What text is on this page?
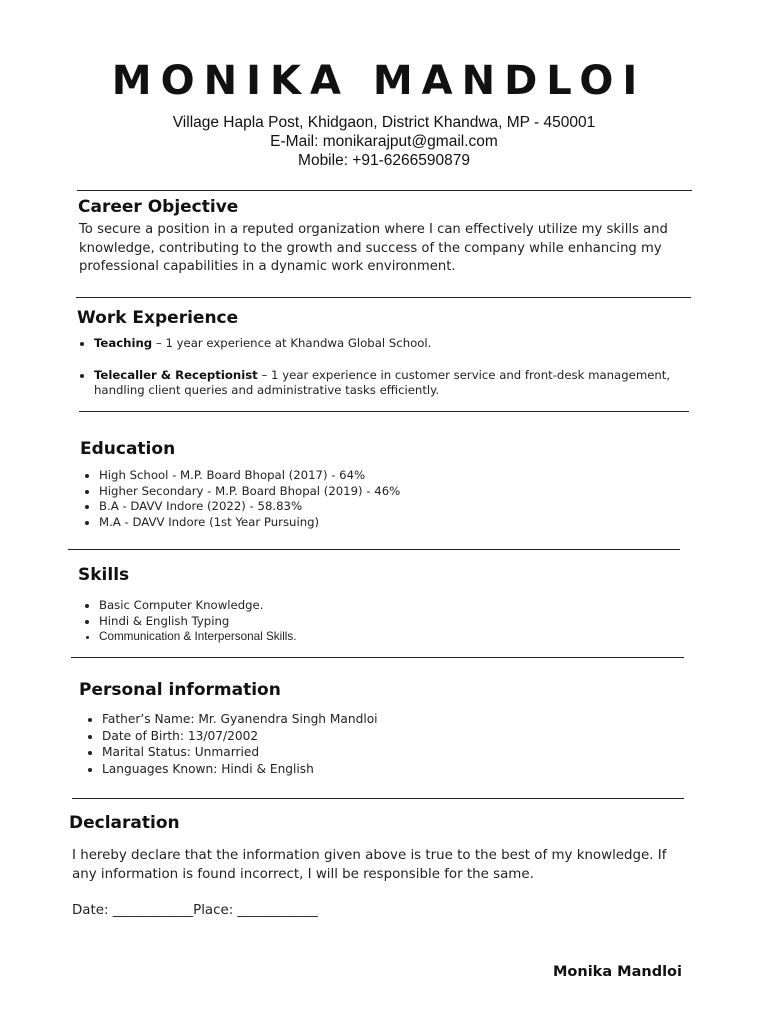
MONIKA MANDLOI
Village Hapla Post, Khidgaon, District Khandwa, MP - 450001
E-Mail: monikarajput@gmail.com
Mobile: +91-6266590879
Career Objective
To secure a position in a reputed organization where I can effectively utilize my skills and
knowledge, contributing to the growth and success of the company while enhancing my
professional capabilities in a dynamic work environment.
Work Experience
• Teaching – 1 year experience at Khandwa Global School.
• Telecaller & Receptionist – 1 year experience in customer service and front-desk management,
handling client queries and administrative tasks efficiently.
Education
• High School - M.P. Board Bhopal (2017) - 64%
• Higher Secondary - M.P. Board Bhopal (2019) - 46%
• B.A - DAVV Indore (2022) - 58.83%
• M.A - DAVV Indore (1st Year Pursuing)
Skills
• Basic Computer Knowledge.
• Hindi & English Typing
• Communication & Interpersonal Skills.
Personal information
• Father’s Name: Mr. Gyanendra Singh Mandloi
• Date of Birth: 13/07/2002
• Marital Status: Unmarried
• Languages Known: Hindi & English
Declaration
I hereby declare that the information given above is true to the best of my knowledge. If
any information is found incorrect, I will be responsible for the same.
Date: ____________Place: ____________
Monika Mandloi
